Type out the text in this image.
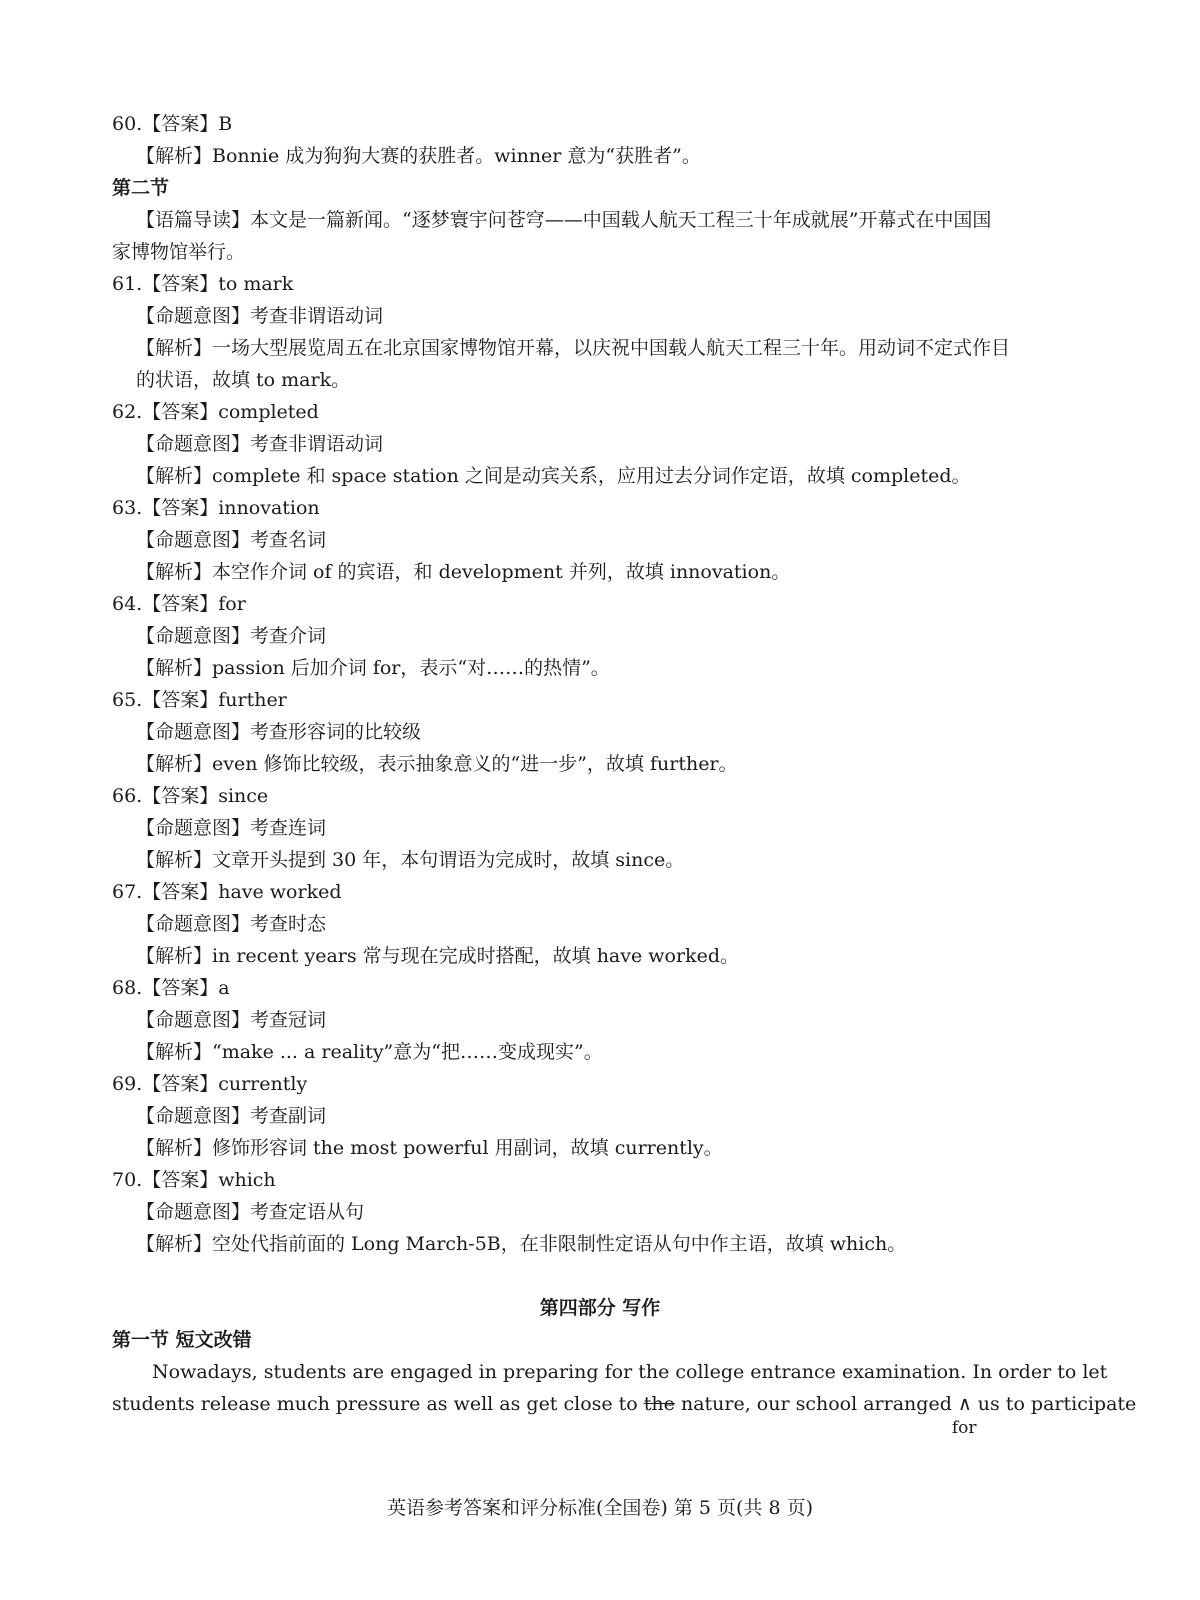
60.【答案】B
【解析】Bonnie 成为狗狗大赛的获胜者。winner 意为“获胜者”。
第二节
【语篇导读】本文是一篇新闻。“逐梦寰宇问苍穹——中国载人航天工程三十年成就展”开幕式在中国国
家博物馆举行。
61.【答案】to mark
【命题意图】考查非谓语动词
【解析】一场大型展览周五在北京国家博物馆开幕，以庆祝中国载人航天工程三十年。用动词不定式作目
的状语，故填 to mark。
62.【答案】completed
【命题意图】考查非谓语动词
【解析】complete 和 space station 之间是动宾关系，应用过去分词作定语，故填 completed。
63.【答案】innovation
【命题意图】考查名词
【解析】本空作介词 of 的宾语，和 development 并列，故填 innovation。
64.【答案】for
【命题意图】考查介词
【解析】passion 后加介词 for，表示“对……的热情”。
65.【答案】further
【命题意图】考查形容词的比较级
【解析】even 修饰比较级，表示抽象意义的“进一步”，故填 further。
66.【答案】since
【命题意图】考查连词
【解析】文章开头提到 30 年，本句谓语为完成时，故填 since。
67.【答案】have worked
【命题意图】考查时态
【解析】in recent years 常与现在完成时搭配，故填 have worked。
68.【答案】a
【命题意图】考查冠词
【解析】“make ... a reality”意为“把……变成现实”。
69.【答案】currently
【命题意图】考查副词
【解析】修饰形容词 the most powerful 用副词，故填 currently。
70.【答案】which
【命题意图】考查定语从句
【解析】空处代指前面的 Long March-5B，在非限制性定语从句中作主语，故填 which。
第四部分 写作
第一节 短文改错
Nowadays, students are engaged in preparing for the college entrance examination. In order to let
students release much pressure as well as get close to the nature, our school arranged ∧
for
us to participate
英语参考答案和评分标准(全国卷) 第 5 页(共 8 页)
